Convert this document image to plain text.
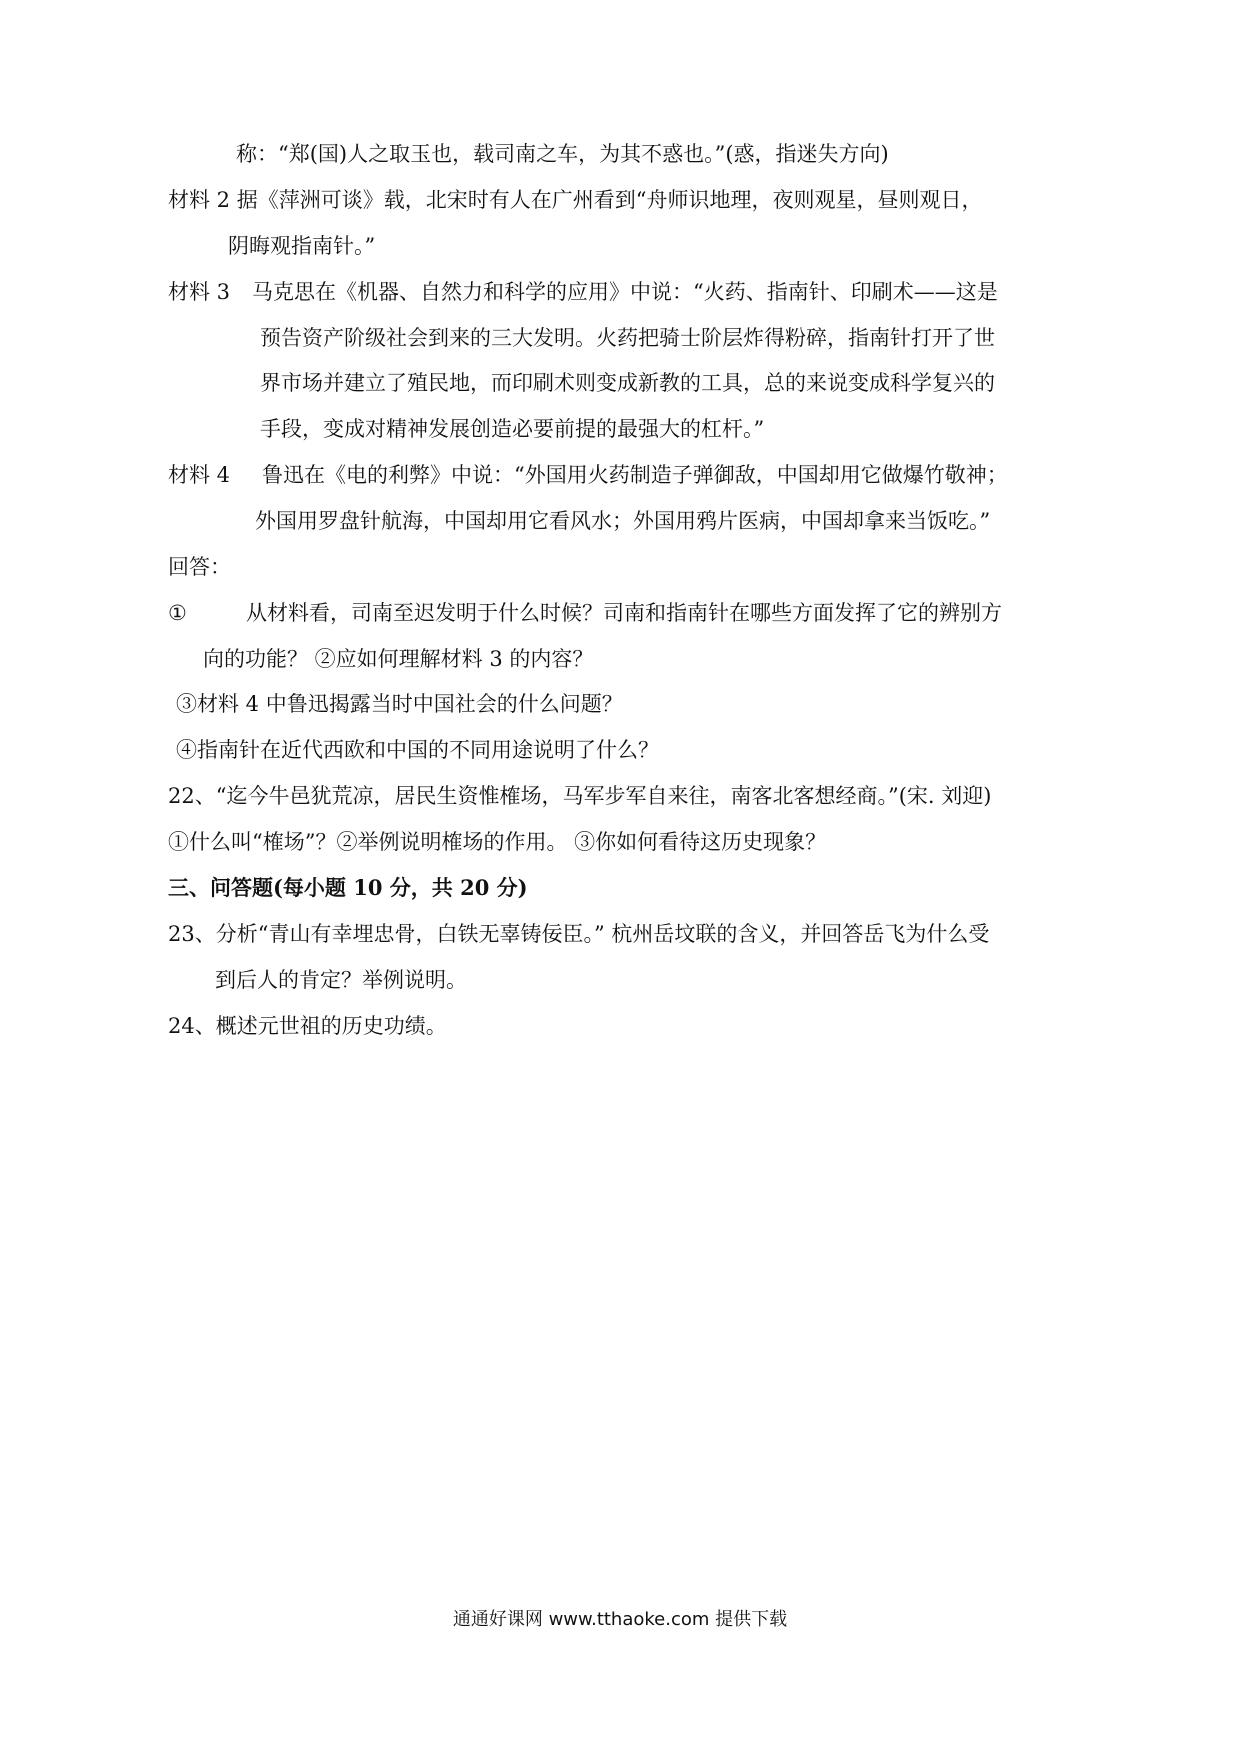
称：“郑(国)人之取玉也，载司南之车，为其不惑也。”(惑，指迷失方向)
材料 2 据《萍洲可谈》载，北宋时有人在广州看到“舟师识地理，夜则观星，昼则观日，
阴晦观指南针。”
材料 3 马克思在《机器、自然力和科学的应用》中说：“火药、指南针、印刷术——这是
预告资产阶级社会到来的三大发明。火药把骑士阶层炸得粉碎，指南针打开了世
界市场并建立了殖民地，而印刷术则变成新教的工具，总的来说变成科学复兴的
手段，变成对精神发展创造必要前提的最强大的杠杆。”
材料 4 鲁迅在《电的利弊》中说：“外国用火药制造子弹御敌，中国却用它做爆竹敬神；
外国用罗盘针航海，中国却用它看风水；外国用鸦片医病，中国却拿来当饭吃。”
回答：
①	从材料看，司南至迟发明于什么时候？司南和指南针在哪些方面发挥了它的辨别方
向的功能？ ②应如何理解材料 3 的内容？
③材料 4 中鲁迅揭露当时中国社会的什么问题？
④指南针在近代西欧和中国的不同用途说明了什么？
22、“迄今牛邑犹荒凉，居民生资惟榷场，马军步军自来往，南客北客想经商。”(宋. 刘迎)
①什么叫“榷场”？②举例说明榷场的作用。 ③你如何看待这历史现象？
三、问答题(每小题 10 分，共 20 分)
23、分析“青山有幸埋忠骨，白铁无辜铸佞臣。” 杭州岳坟联的含义，并回答岳飞为什么受
到后人的肯定？举例说明。
24、概述元世祖的历史功绩。
通通好课网 www.tthaoke.com 提供下载
